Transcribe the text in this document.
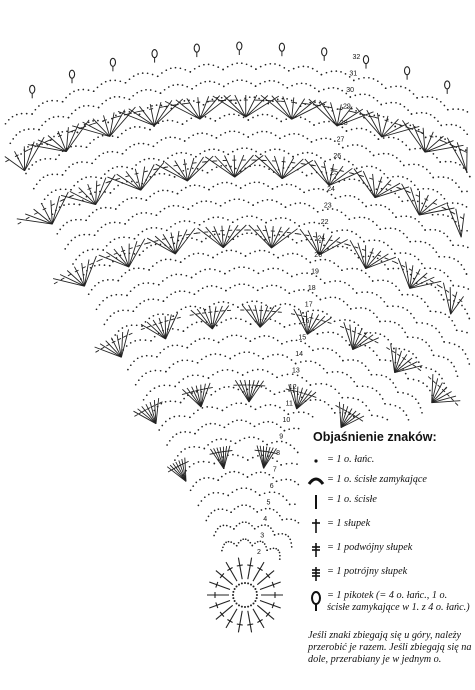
2
3
4
5
6
7
8
9
10
11
12
13
14
15
16
17
18
19
20
21
22
23
24
25
26
27
28
29
30
31
32
Objaśnienie znaków:
= 1 o. łańc.
= 1 o. ścisłe zamykające
= 1 o. ścisłe
= 1 słupek
= 1 podwójny słupek
= 1 potrójny słupek
= 1 pikotek (= 4 o. łańc., 1 o. ścisłe zamykające w 1. z 4 o. łańc.)
Jeśli znaki zbiegają się u góry, należy przerobić je razem. Jeśli zbiegają się na dole, przerabiany je w jednym o.
